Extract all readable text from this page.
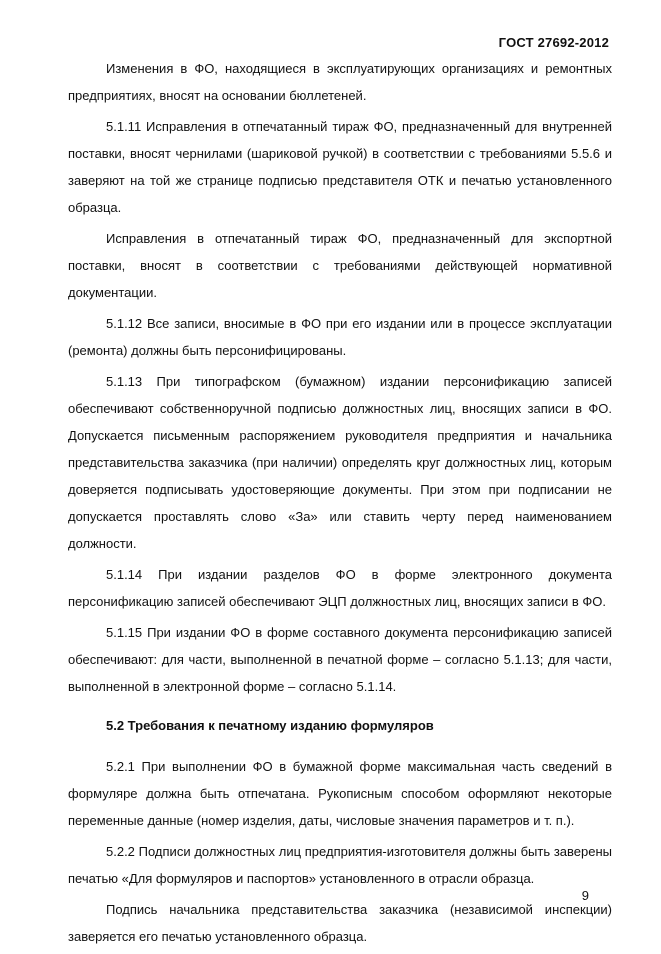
ГОСТ 27692-2012

Изменения в ФО, находящиеся в эксплуатирующих организациях и ремонтных предприятиях, вносят на основании бюллетеней.

5.1.11 Исправления в отпечатанный тираж ФО, предназначенный для внутренней поставки, вносят чернилами (шариковой ручкой) в соответствии с требованиями 5.5.6 и заверяют на той же странице подписью представителя ОТК и печатью установленного образца.

Исправления в отпечатанный тираж ФО, предназначенный для экспортной поставки, вносят в соответствии с требованиями действующей нормативной документации.

5.1.12 Все записи, вносимые в ФО при его издании или в процессе эксплуатации (ремонта) должны быть персонифицированы.

5.1.13 При типографском (бумажном) издании персонификацию записей обеспечивают собственноручной подписью должностных лиц, вносящих записи в ФО. Допускается письменным распоряжением руководителя предприятия и начальника представительства заказчика (при наличии) определять круг должностных лиц, которым доверяется подписывать удостоверяющие документы. При этом при подписании не допускается проставлять слово «За» или ставить черту перед наименованием должности.

5.1.14 При издании разделов ФО в форме электронного документа персонификацию записей обеспечивают ЭЦП должностных лиц, вносящих записи в ФО.

5.1.15 При издании ФО в форме составного документа персонификацию записей обеспечивают: для части, выполненной в печатной форме – согласно 5.1.13; для части, выполненной в электронной форме – согласно 5.1.14.

5.2 Требования к печатному изданию формуляров

5.2.1 При выполнении ФО в бумажной форме максимальная часть сведений в формуляре должна быть отпечатана. Рукописным способом оформляют некоторые переменные данные (номер изделия, даты, числовые значения параметров и т. п.).

5.2.2 Подписи должностных лиц предприятия-изготовителя должны быть заверены печатью «Для формуляров и паспортов» установленного в отрасли образца.

Подпись начальника представительства заказчика (независимой инспекции) заверяется его печатью установленного образца.

9
